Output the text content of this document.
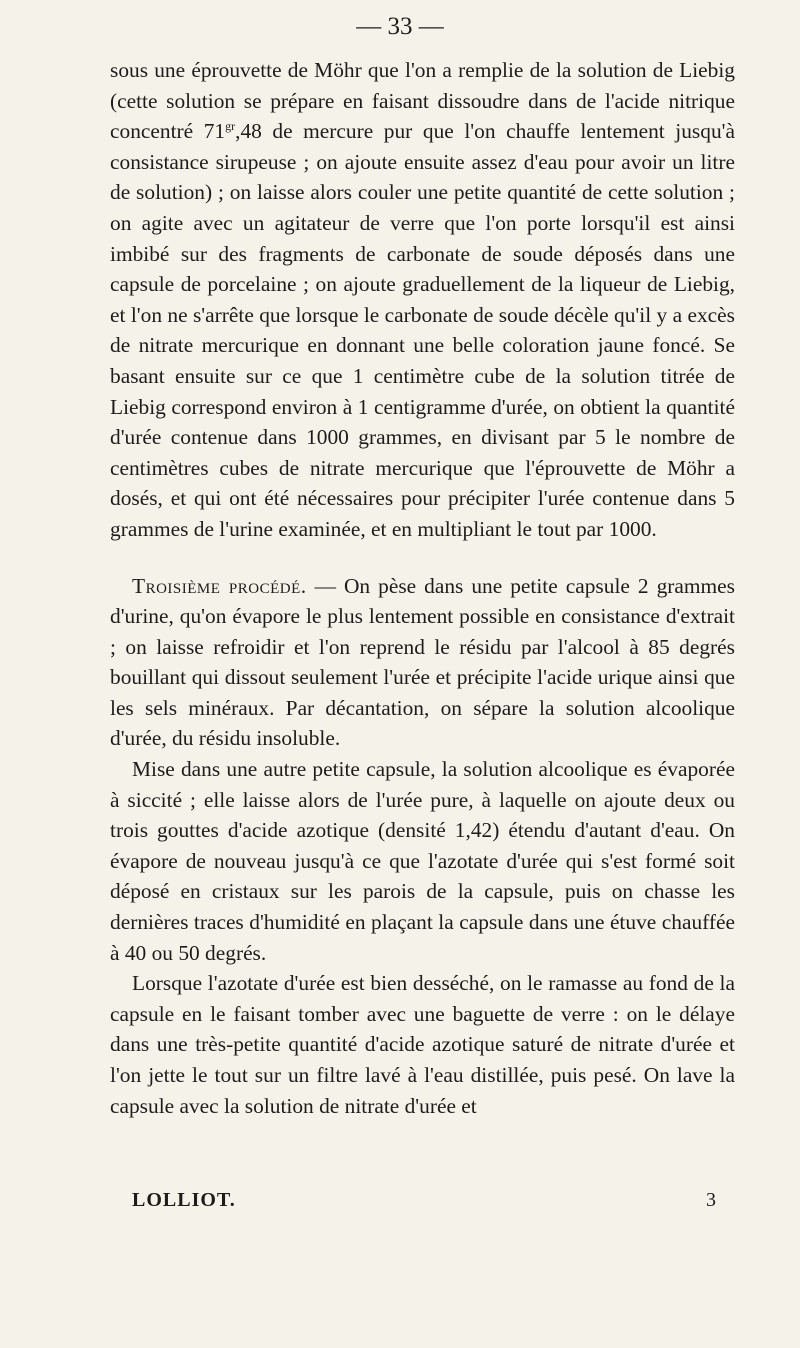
— 33 —

sous une éprouvette de Möhr que l'on a remplie de la solution de Liebig (cette solution se prépare en faisant dissoudre dans de l'acide nitrique concentré $71^{gr},48$ de mercure pur que l'on chauffe lentement jusqu'à consistance sirupeuse ; on ajoute ensuite assez d'eau pour avoir un litre de solution) ; on laisse alors couler une petite quantité de cette solution ; on agite avec un agitateur de verre que l'on porte lorsqu'il est ainsi imbibé sur des fragments de carbonate de soude déposés dans une capsule de porcelaine ; on ajoute graduellement de la liqueur de Liebig, et l'on ne s'arrête que lorsque le carbonate de soude décèle qu'il y a excès de nitrate mercurique en donnant une belle coloration jaune foncé. Se basant ensuite sur ce que 1 centimètre cube de la solution titrée de Liebig correspond environ à 1 centigramme d'urée, on obtient la quantité d'urée contenue dans 1000 grammes, en divisant par 5 le nombre de centimètres cubes de nitrate mercurique que l'éprouvette de Möhr a dosés, et qui ont été nécessaires pour précipiter l'urée contenue dans 5 grammes de l'urine examinée, et en multipliant le tout par 1000.

Troisième procédé. — On pèse dans une petite capsule 2 grammes d'urine, qu'on évapore le plus lentement possible en consistance d'extrait ; on laisse refroidir et l'on reprend le résidu par l'alcool à 85 degrés bouillant qui dissout seulement l'urée et précipite l'acide urique ainsi que les sels minéraux. Par décantation, on sépare la solution alcoolique d'urée, du résidu insoluble.

Mise dans une autre petite capsule, la solution alcoolique es évaporée à siccité ; elle laisse alors de l'urée pure, à laquelle on ajoute deux ou trois gouttes d'acide azotique (densité 1,42) étendu d'autant d'eau. On évapore de nouveau jusqu'à ce que l'azotate d'urée qui s'est formé soit déposé en cristaux sur les parois de la capsule, puis on chasse les dernières traces d'humidité en plaçant la capsule dans une étuve chauffée à 40 ou 50 degrés.

Lorsque l'azotate d'urée est bien desséché, on le ramasse au fond de la capsule en le faisant tomber avec une baguette de verre : on le délaye dans une très-petite quantité d'acide azotique saturé de nitrate d'urée et l'on jette le tout sur un filtre lavé à l'eau distillée, puis pesé. On lave la capsule avec la solution de nitrate d'urée et

LOLLIOT.	3
